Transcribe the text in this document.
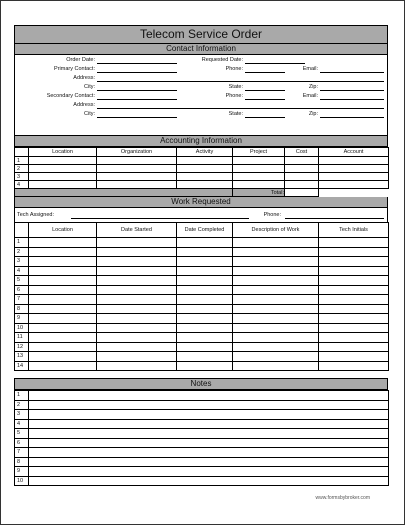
Telecom Service Order
Contact Information
Order Date:	Requested Date:
Primary Contact:	Phone:	Email:
Address:
City:	State:	Zip:
Secondary Contact:	Phone:	Email:
Address:
City:	State:	Zip:
Accounting Information
	Location	Organization	Activity	Project	Cost	Account
1						
2						
3						
4						
				Total:		
Work Requested
Tech Assigned:	Phone:
	Location	Date Started	Date Completed	Description of Work	Tech Initials
1					
2					
3					
4					
5					
6					
7					
8					
9					
10					
11					
12					
13					
14					
Notes
1	
2	
3	
4	
5	
6	
7	
8	
9	
10	
www.formsbybroker.com
